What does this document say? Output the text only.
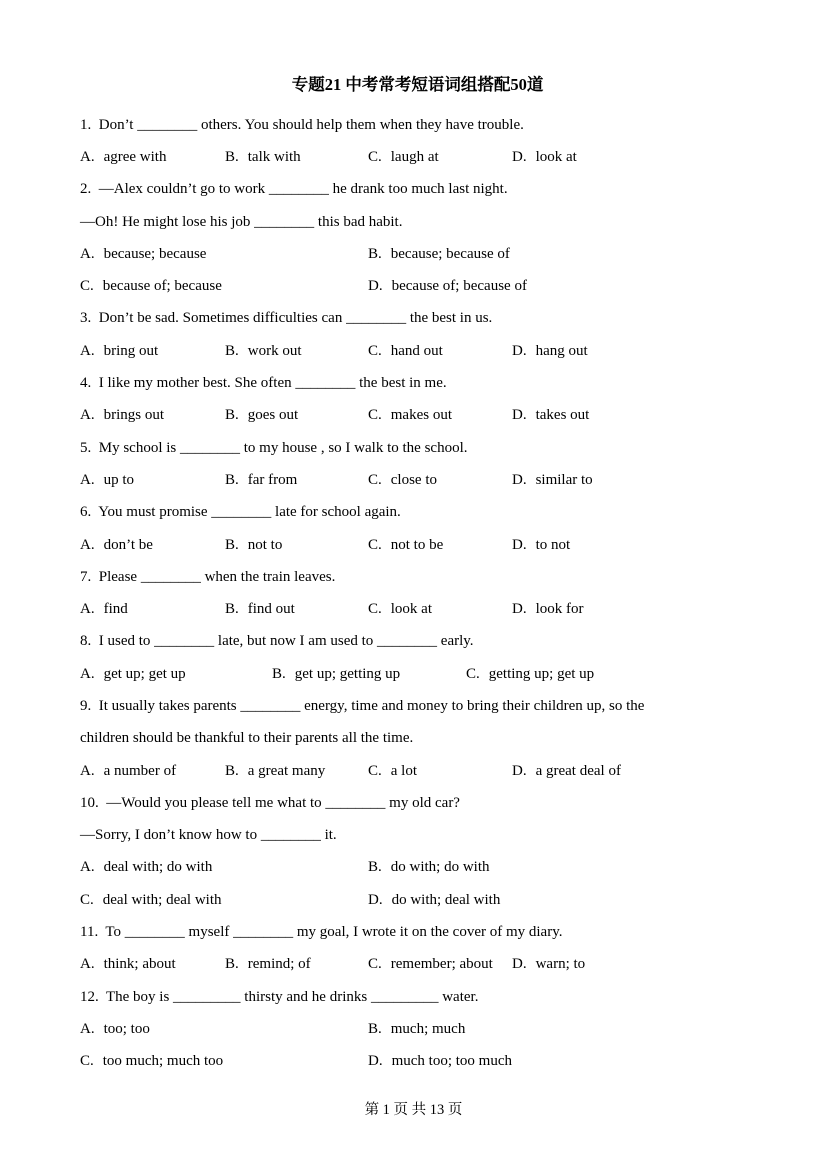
专题21 中考常考短语词组搭配50道
1.  Don’t ________ others. You should help them when they have trouble.
A. agree with	B. talk with	C. laugh at	D. look at
2.  —Alex couldn’t go to work ________ he drank too much last night.
—Oh! He might lose his job ________ this bad habit.
A. because; because	B. because; because of
C. because of; because	D. because of; because of
3.  Don’t be sad. Sometimes difficulties can ________ the best in us.
A. bring out	B. work out	C. hand out	D. hang out
4.  I like my mother best. She often ________ the best in me.
A. brings out	B. goes out	C. makes out	D. takes out
5.  My school is ________ to my house , so I walk to the school.
A. up to	B. far from	C. close to	D. similar to
6.  You must promise ________ late for school again.
A. don’t be	B. not to	C. not to be	D. to not
7.  Please ________ when the train leaves.
A. find	B. find out	C. look at	D. look for
8.  I used to ________ late, but now I am used to ________ early.
A. get up; get up	B. get up; getting up	C. getting up; get up
9.  It usually takes parents ________ energy, time and money to bring their children up, so the
children should be thankful to their parents all the time.
A. a number of	B. a great many	C. a lot	D. a great deal of
10.  —Would you please tell me what to ________ my old car?
—Sorry, I don’t know how to ________ it.
A. deal with; do with	B. do with; do with
C. deal with; deal with	D. do with; deal with
11.  To ________ myself ________ my goal, I wrote it on the cover of my diary.
A. think; about	B. remind; of	C. remember; about D. warn; to
12.  The boy is _________ thirsty and he drinks _________ water.
A. too; too	B. much; much
C. too much; much too	D. much too; too much
第 1 页 共 13 页
